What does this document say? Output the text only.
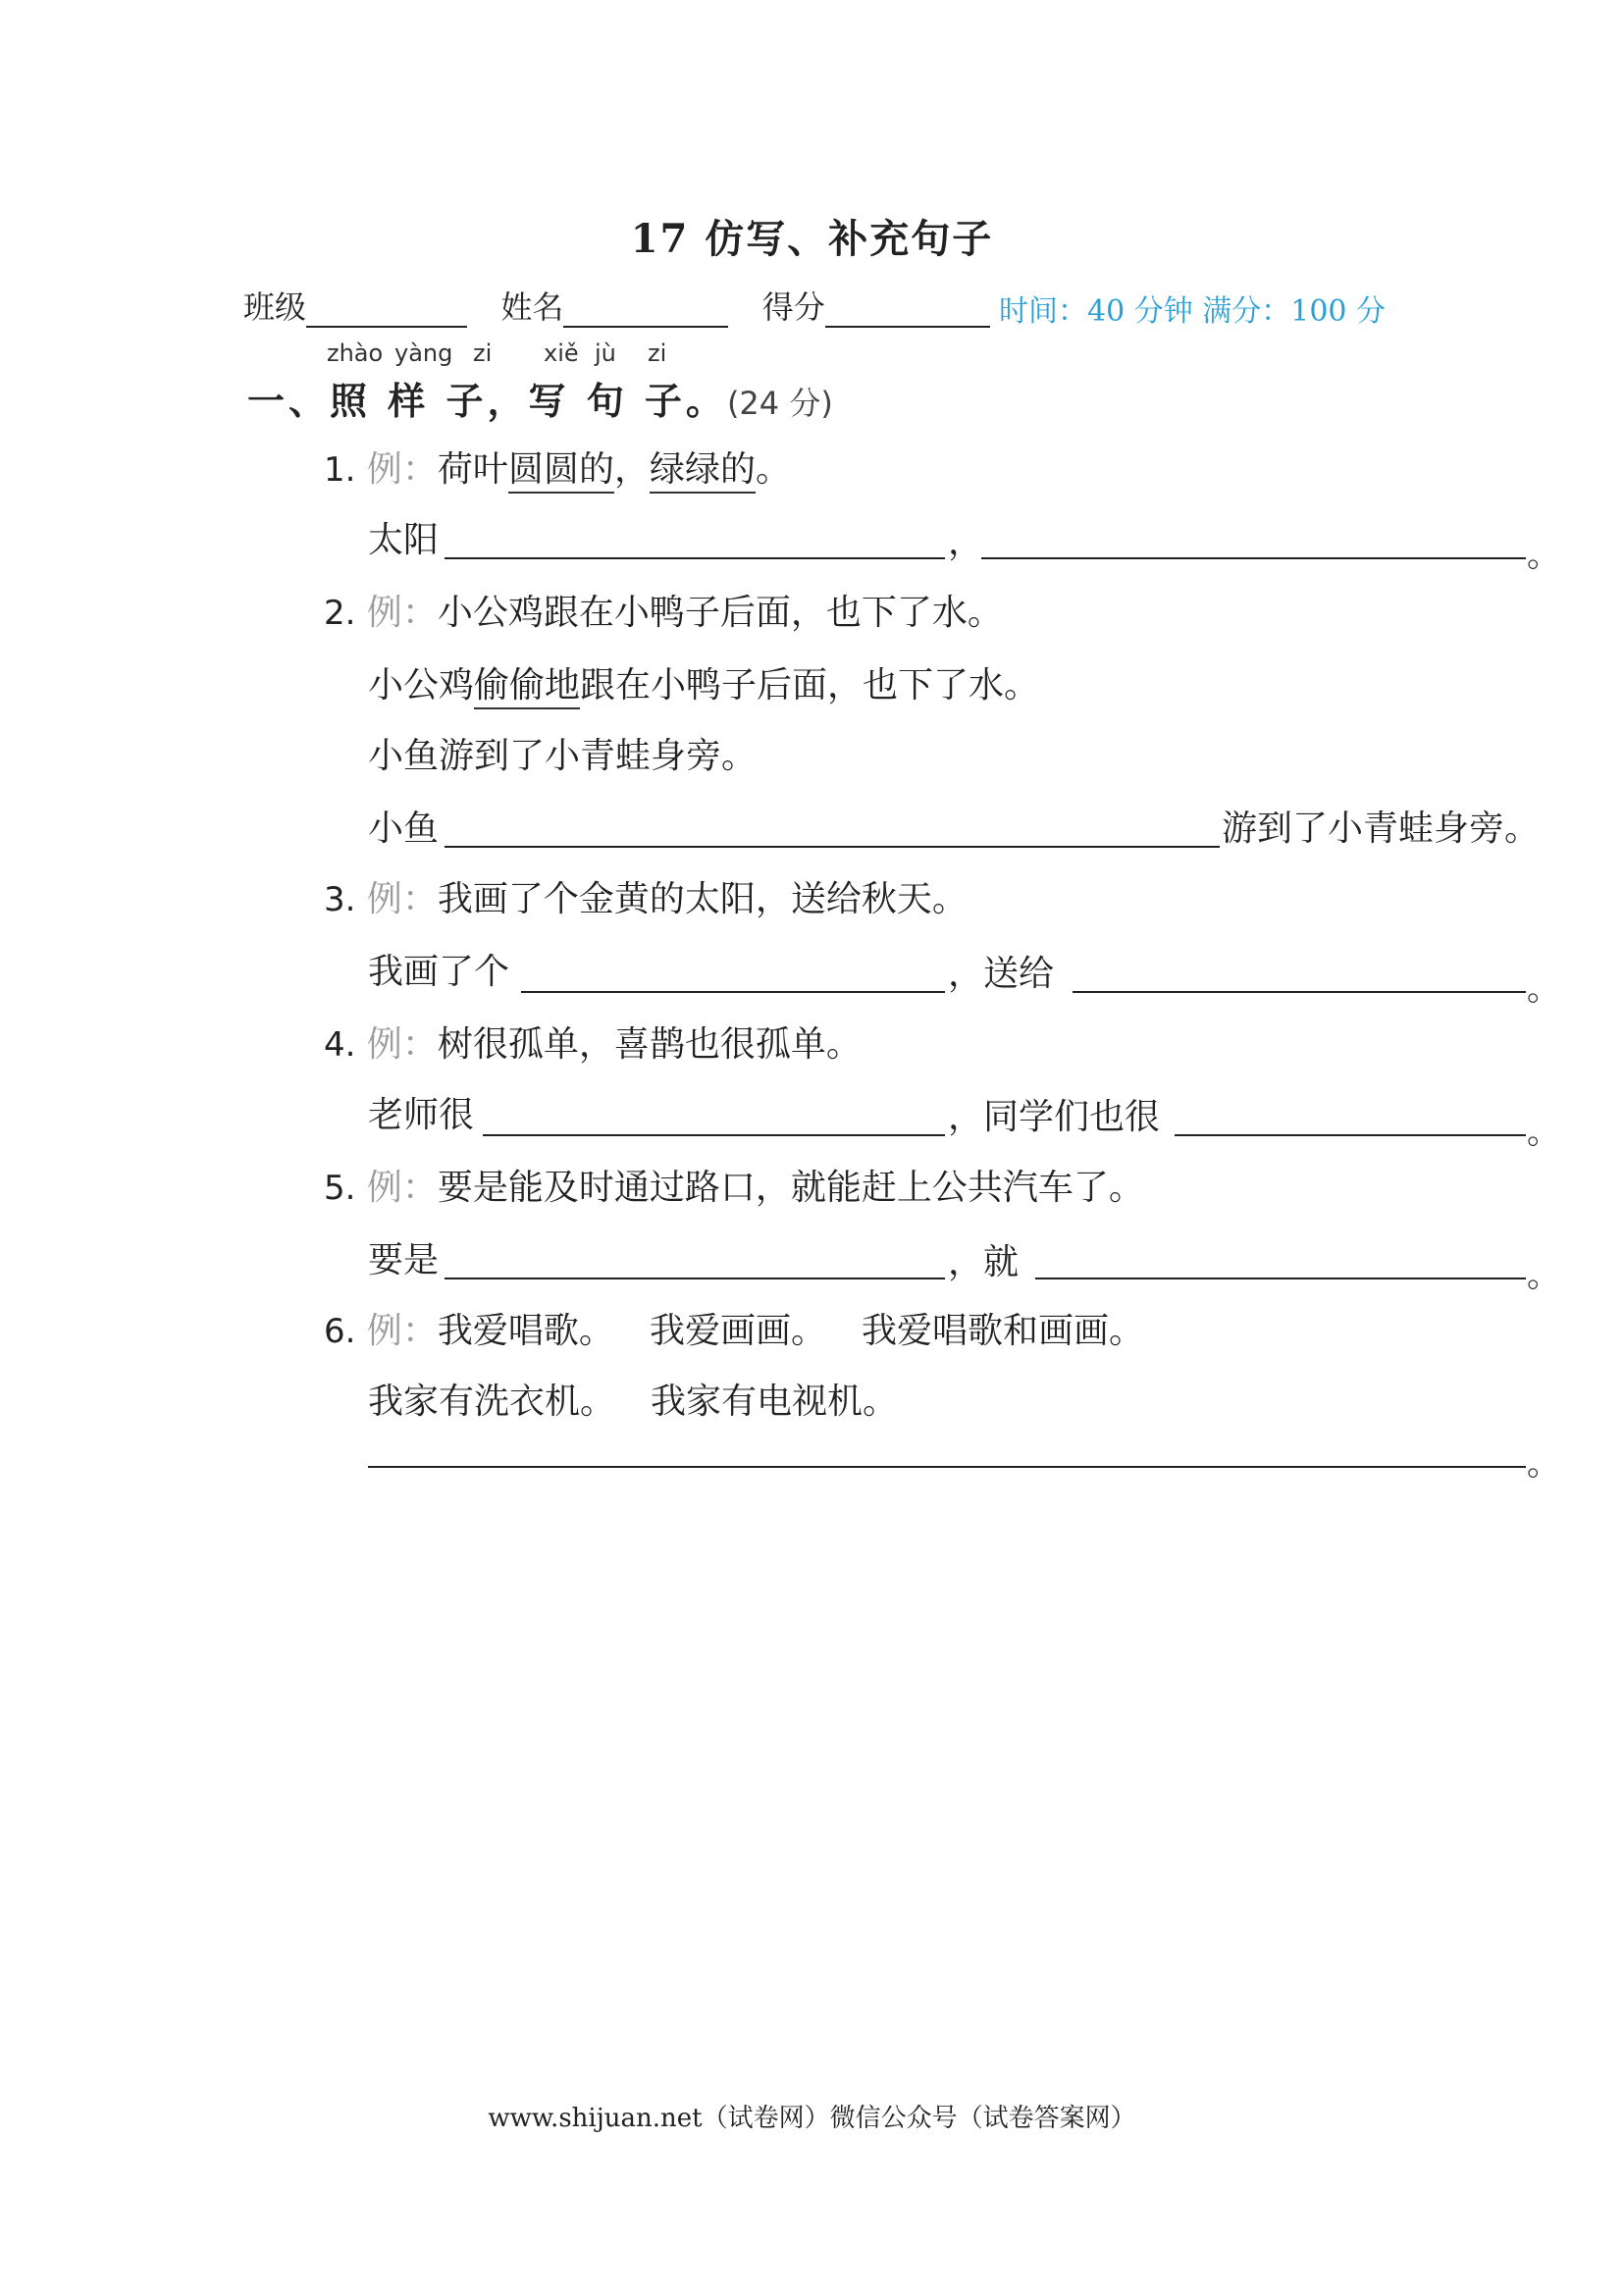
17 仿写、补充句子
班级	姓名	得分	时间：40 分钟 满分：100 分
zhào yàng zi xiě jù zi
一、照 样 子，写 句 子。(24 分)
1. 例：荷叶圆圆的，绿绿的。
太阳	，	。
2. 例：小公鸡跟在小鸭子后面，也下了水。
小公鸡偷偷地跟在小鸭子后面，也下了水。
小鱼游到了小青蛙身旁。
小鱼	游到了小青蛙身旁。
3. 例：我画了个金黄的太阳，送给秋天。
我画了个	，送给	。
4. 例：树很孤单，喜鹊也很孤单。
老师很	，同学们也很	。
5. 例：要是能及时通过路口，就能赶上公共汽车了。
要是	，就	。
6. 例：我爱唱歌。 我爱画画。 我爱唱歌和画画。
我家有洗衣机。 我家有电视机。
。
www.shijuan.net（试卷网）微信公众号（试卷答案网）
